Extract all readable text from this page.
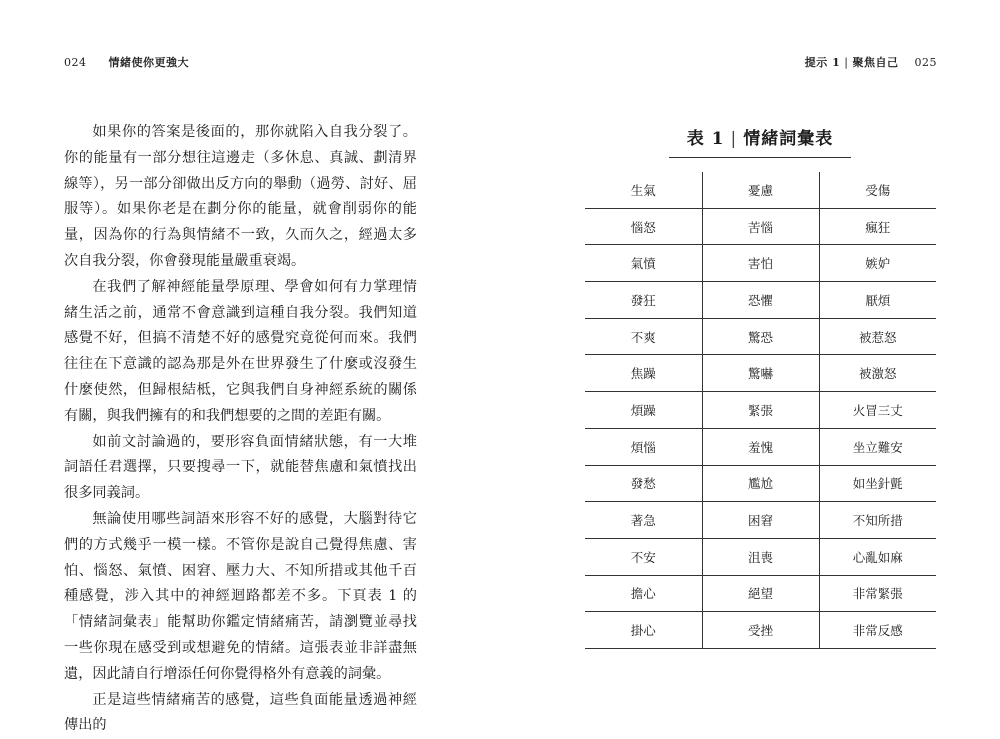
024 情緒使你更強大	提示 1 | 聚焦自己 025

如果你的答案是後面的，那你就陷入自我分裂了。你的能量有一部分想往這邊走（多休息、真誠、劃清界線等），另一部分卻做出反方向的舉動（過勞、討好、屈服等）。如果你老是在劃分你的能量，就會削弱你的能量，因為你的行為與情緒不一致，久而久之，經過太多次自我分裂，你會發現能量嚴重衰竭。

在我們了解神經能量學原理、學會如何有力掌理情緒生活之前，通常不會意識到這種自我分裂。我們知道感覺不好，但搞不清楚不好的感覺究竟從何而來。我們往往在下意識的認為那是外在世界發生了什麼或沒發生什麼使然，但歸根結柢，它與我們自身神經系統的關係有關，與我們擁有的和我們想要的之間的差距有關。

如前文討論過的，要形容負面情緒狀態，有一大堆詞語任君選擇，只要搜尋一下，就能替焦慮和氣憤找出很多同義詞。

無論使用哪些詞語來形容不好的感覺，大腦對待它們的方式幾乎一模一樣。不管你是說自己覺得焦慮、害怕、惱怒、氣憤、困窘、壓力大、不知所措或其他千百種感覺，涉入其中的神經迴路都差不多。下頁表 1 的「情緒詞彙表」能幫助你鑑定情緒痛苦，請瀏覽並尋找一些你現在感受到或想避免的情緒。這張表並非詳盡無遺，因此請自行增添任何你覺得格外有意義的詞彙。

正是這些情緒痛苦的感覺，這些負面能量透過神經傳出的

表 1 | 情緒詞彙表
生氣	憂慮	受傷
惱怒	苦惱	瘋狂
氣憤	害怕	嫉妒
發狂	恐懼	厭煩
不爽	驚恐	被惹怒
焦躁	驚嚇	被激怒
煩躁	緊張	火冒三丈
煩惱	羞愧	坐立難安
發愁	尷尬	如坐針氈
著急	困窘	不知所措
不安	沮喪	心亂如麻
擔心	絕望	非常緊張
掛心	受挫	非常反感
